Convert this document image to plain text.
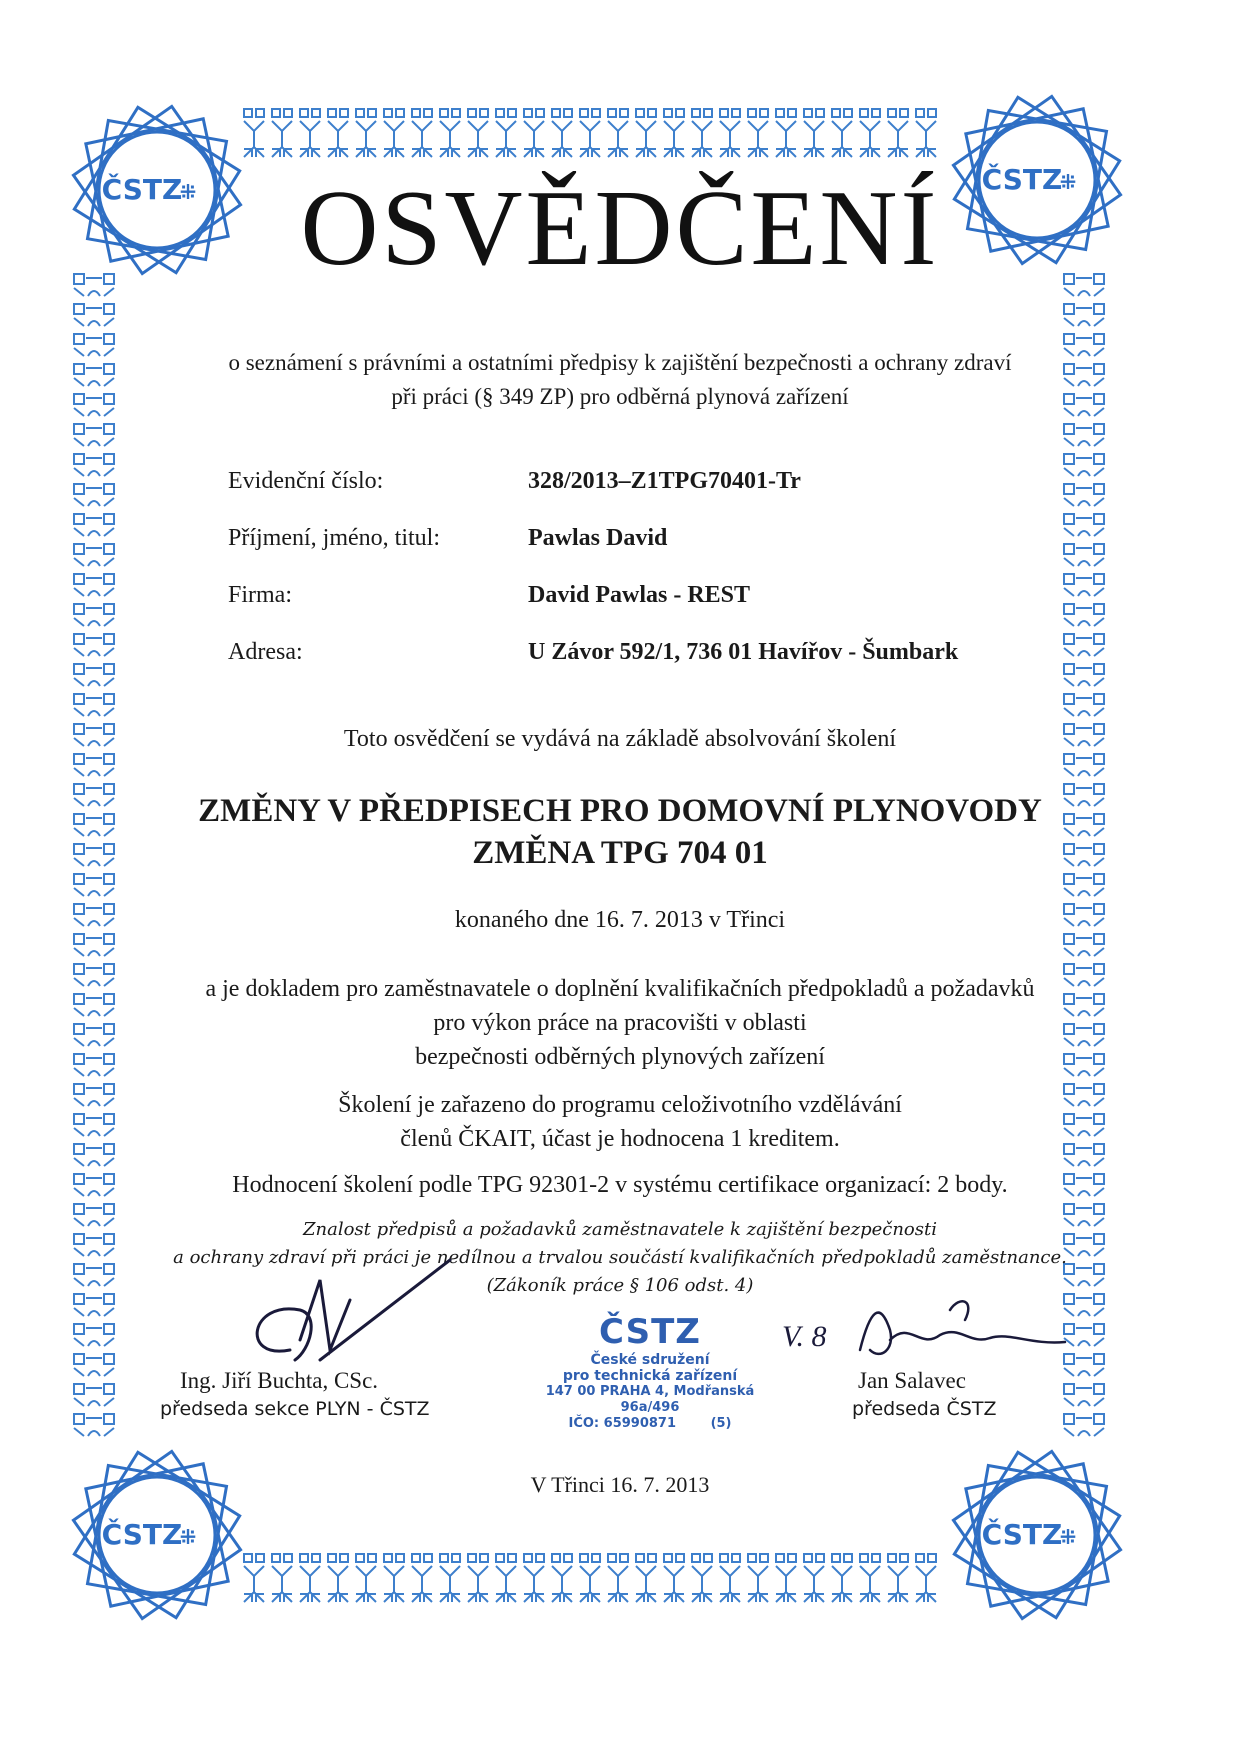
ČSTZ
⁜	ČSTZ
⁜
ČSTZ
⁜	ČSTZ
⁜
OSVĚDČENÍ
o seznámení s právními a ostatními předpisy k zajištění bezpečnosti a ochrany zdraví
při práci (§ 349 ZP) pro odběrná plynová zařízení
Evidenční číslo:	328/2013–Z1TPG70401-Tr
Příjmení, jméno, titul:	Pawlas David
Firma:	David Pawlas - REST
Adresa:	U Závor 592/1, 736 01 Havířov - Šumbark
Toto osvědčení se vydává na základě absolvování školení
ZMĚNY V PŘEDPISECH PRO DOMOVNÍ PLYNOVODY
ZMĚNA TPG 704 01
konaného dne 16. 7. 2013 v Třinci
a je dokladem pro zaměstnavatele o doplnění kvalifikačních předpokladů a požadavků
pro výkon práce na pracovišti v oblasti
bezpečnosti odběrných plynových zařízení
Školení je zařazeno do programu celoživotního vzdělávání
členů ČKAIT, účast je hodnocena 1 kreditem.
Hodnocení školení podle TPG 92301-2 v systému certifikace organizací: 2 body.
Znalost předpisů a požadavků zaměstnavatele k zajištění bezpečnosti
a ochrany zdraví při práci je nedílnou a trvalou součástí kvalifikačních předpokladů zaměstnance.
(Zákoník práce § 106 odst. 4)
Ing. Jiří Buchta, CSc.
předseda sekce PLYN - ČSTZ
ČSTZ
České sdružení
pro technická zařízení
147 00 PRAHA 4, Modřanská 96a/496
IČO: 65990871	(5)
V. 8
Jan Salavec
předseda ČSTZ
V Třinci 16. 7. 2013
